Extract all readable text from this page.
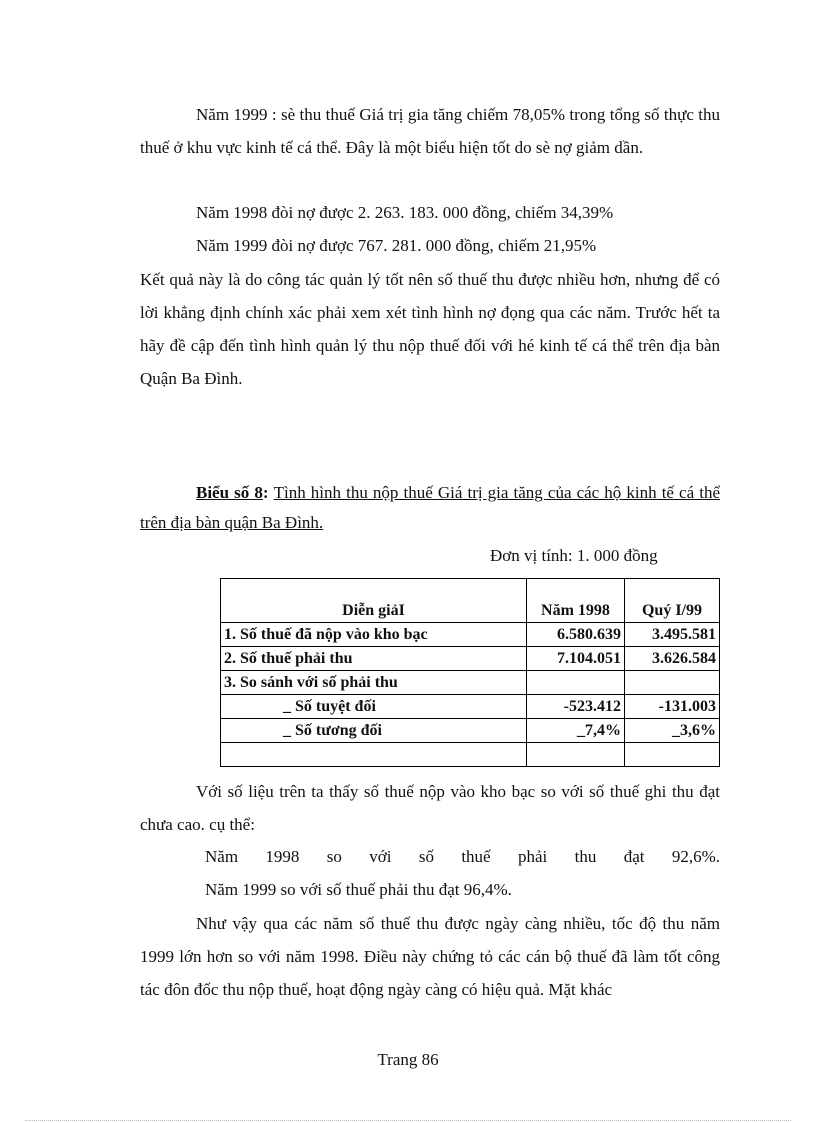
Năm 1999 : sè thu thuế Giá trị gia tăng chiếm 78,05% trong tổng số thực thu thuế ở khu vực kinh tế cá thể. Đây là một biểu hiện tốt do sè nợ giảm dần.

Năm 1998 đòi nợ được 2. 263. 183. 000 đồng, chiếm 34,39%

Năm 1999 đòi nợ được 767. 281. 000 đồng, chiếm 21,95%

Kết quả này là do công tác quản lý tốt nên số thuế thu được nhiều hơn, nhưng để có lời khẳng định chính xác phải xem xét tình hình nợ đọng qua các năm. Trước hết ta hãy đề cập đến tình hình quản lý thu nộp thuế đối với hé kinh tế cá thể trên địa bàn Quận Ba Đình.

Biểu số 8: Tình hình thu nộp thuế Giá trị gia tăng của các hộ kinh tế cá thể trên địa bàn quận Ba Đình.
Đơn vị tính: 1. 000 đồng
Diễn giảI	Năm 1998	Quý I/99
1. Số thuế đã nộp vào kho bạc	6.580.639	3.495.581
2. Số thuế phải thu	7.104.051	3.626.584
3. So sánh với số phải thu		
_ Số tuyệt đối	-523.412	-131.003
_ Số tương đối	_7,4%	_3,6%

Với số liệu trên ta thấy số thuế nộp vào kho bạc so với số thuế ghi thu đạt chưa cao. cụ thể:

Năm 1998 so với số thuế phải thu đạt 92,6%.

Năm 1999 so với số thuế phải thu đạt 96,4%.

Như vậy qua các năm số thuế thu được ngày càng nhiều, tốc độ thu năm 1999 lớn hơn so với năm 1998. Điều này chứng tỏ các cán bộ thuế đã làm tốt công tác đôn đốc thu nộp thuế, hoạt động ngày càng có hiệu quả. Mặt khác

Trang 86
